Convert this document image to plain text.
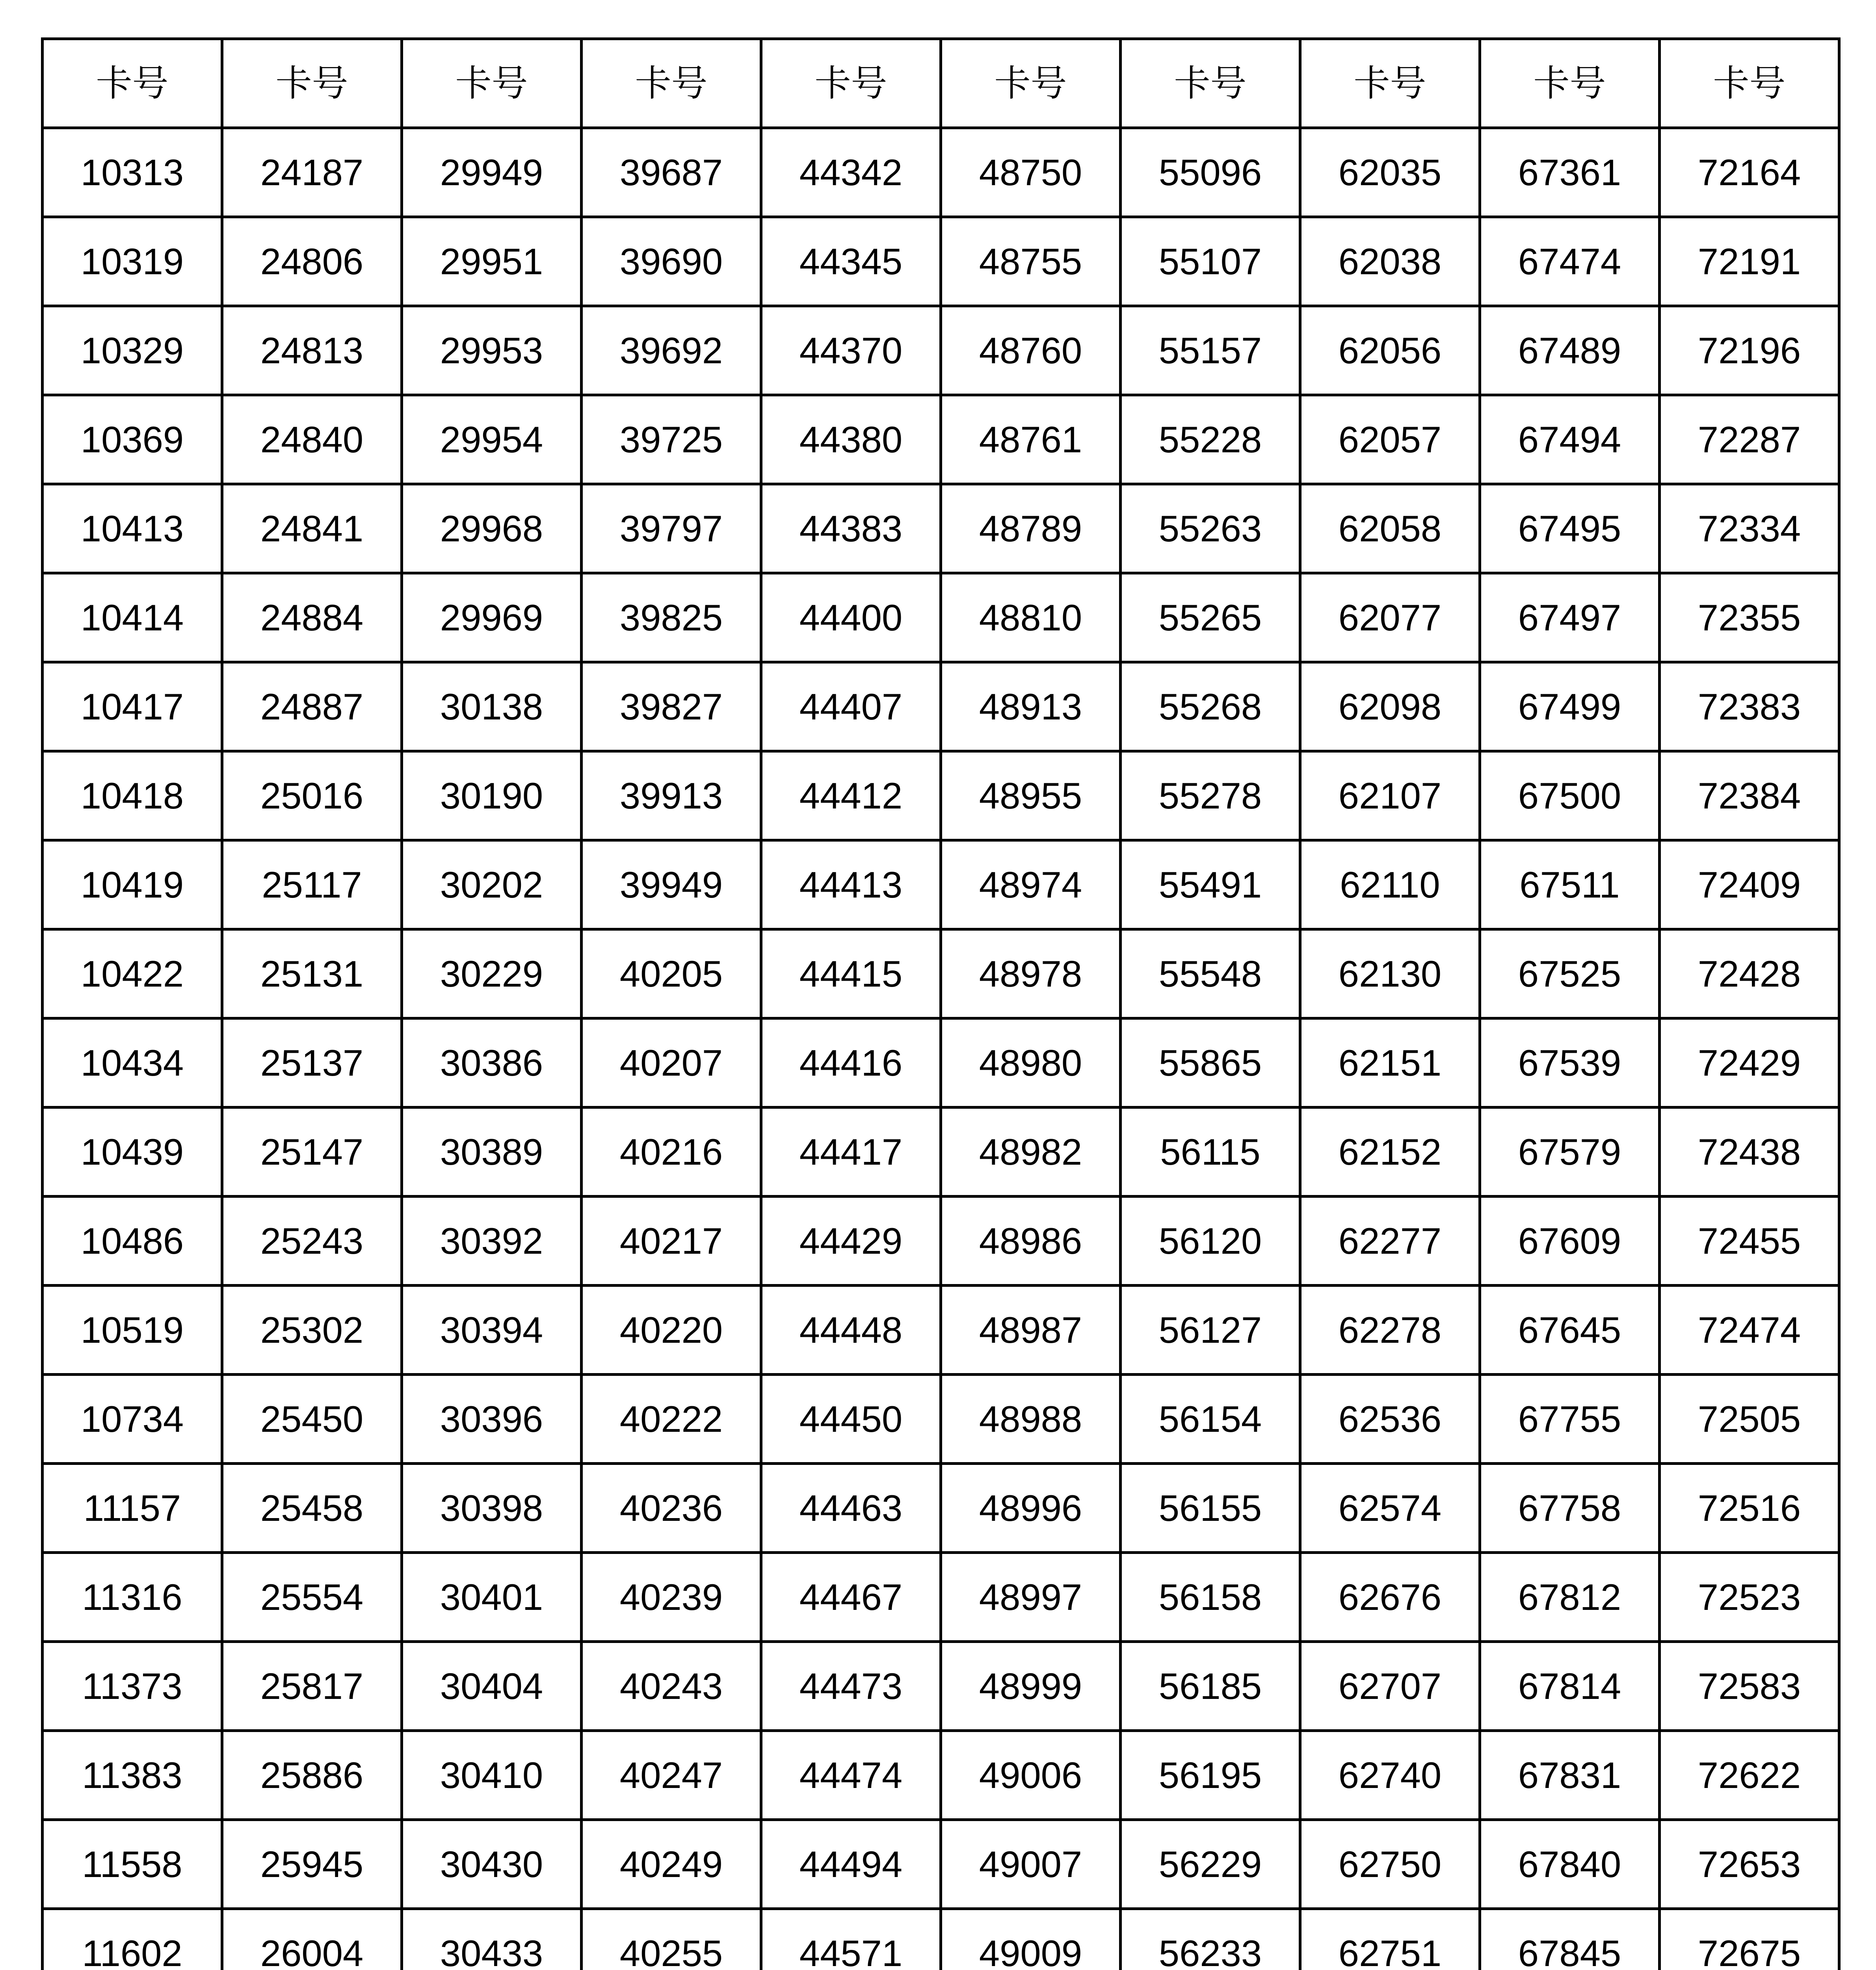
卡号	卡号	卡号	卡号	卡号	卡号	卡号	卡号	卡号	卡号
10313	24187	29949	39687	44342	48750	55096	62035	67361	72164
10319	24806	29951	39690	44345	48755	55107	62038	67474	72191
10329	24813	29953	39692	44370	48760	55157	62056	67489	72196
10369	24840	29954	39725	44380	48761	55228	62057	67494	72287
10413	24841	29968	39797	44383	48789	55263	62058	67495	72334
10414	24884	29969	39825	44400	48810	55265	62077	67497	72355
10417	24887	30138	39827	44407	48913	55268	62098	67499	72383
10418	25016	30190	39913	44412	48955	55278	62107	67500	72384
10419	25117	30202	39949	44413	48974	55491	62110	67511	72409
10422	25131	30229	40205	44415	48978	55548	62130	67525	72428
10434	25137	30386	40207	44416	48980	55865	62151	67539	72429
10439	25147	30389	40216	44417	48982	56115	62152	67579	72438
10486	25243	30392	40217	44429	48986	56120	62277	67609	72455
10519	25302	30394	40220	44448	48987	56127	62278	67645	72474
10734	25450	30396	40222	44450	48988	56154	62536	67755	72505
11157	25458	30398	40236	44463	48996	56155	62574	67758	72516
11316	25554	30401	40239	44467	48997	56158	62676	67812	72523
11373	25817	30404	40243	44473	48999	56185	62707	67814	72583
11383	25886	30410	40247	44474	49006	56195	62740	67831	72622
11558	25945	30430	40249	44494	49007	56229	62750	67840	72653
11602	26004	30433	40255	44571	49009	56233	62751	67845	72675
